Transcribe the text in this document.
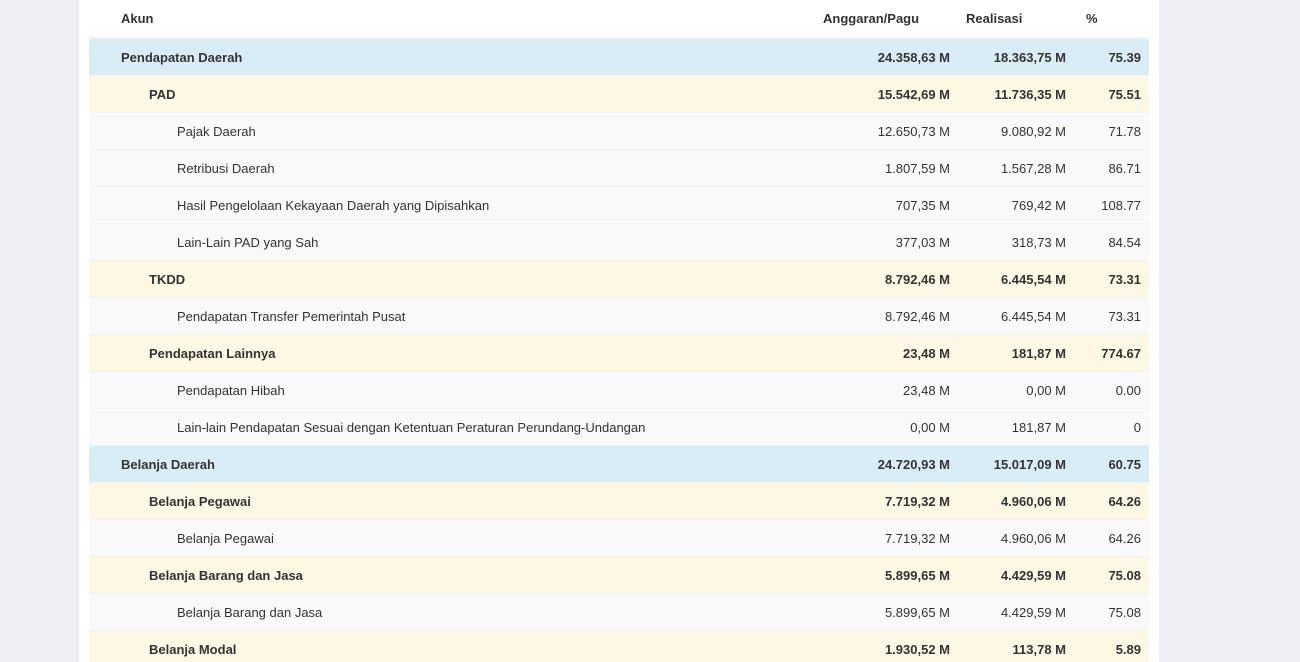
Akun	Anggaran/Pagu	Realisasi	%
Pendapatan Daerah	24.358,63 M	18.363,75 M	75.39
PAD	15.542,69 M	11.736,35 M	75.51
Pajak Daerah	12.650,73 M	9.080,92 M	71.78
Retribusi Daerah	1.807,59 M	1.567,28 M	86.71
Hasil Pengelolaan Kekayaan Daerah yang Dipisahkan	707,35 M	769,42 M	108.77
Lain-Lain PAD yang Sah	377,03 M	318,73 M	84.54
TKDD	8.792,46 M	6.445,54 M	73.31
Pendapatan Transfer Pemerintah Pusat	8.792,46 M	6.445,54 M	73.31
Pendapatan Lainnya	23,48 M	181,87 M	774.67
Pendapatan Hibah	23,48 M	0,00 M	0.00
Lain-lain Pendapatan Sesuai dengan Ketentuan Peraturan Perundang-Undangan	0,00 M	181,87 M	0
Belanja Daerah	24.720,93 M	15.017,09 M	60.75
Belanja Pegawai	7.719,32 M	4.960,06 M	64.26
Belanja Pegawai	7.719,32 M	4.960,06 M	64.26
Belanja Barang dan Jasa	5.899,65 M	4.429,59 M	75.08
Belanja Barang dan Jasa	5.899,65 M	4.429,59 M	75.08
Belanja Modal	1.930,52 M	113,78 M	5.89
